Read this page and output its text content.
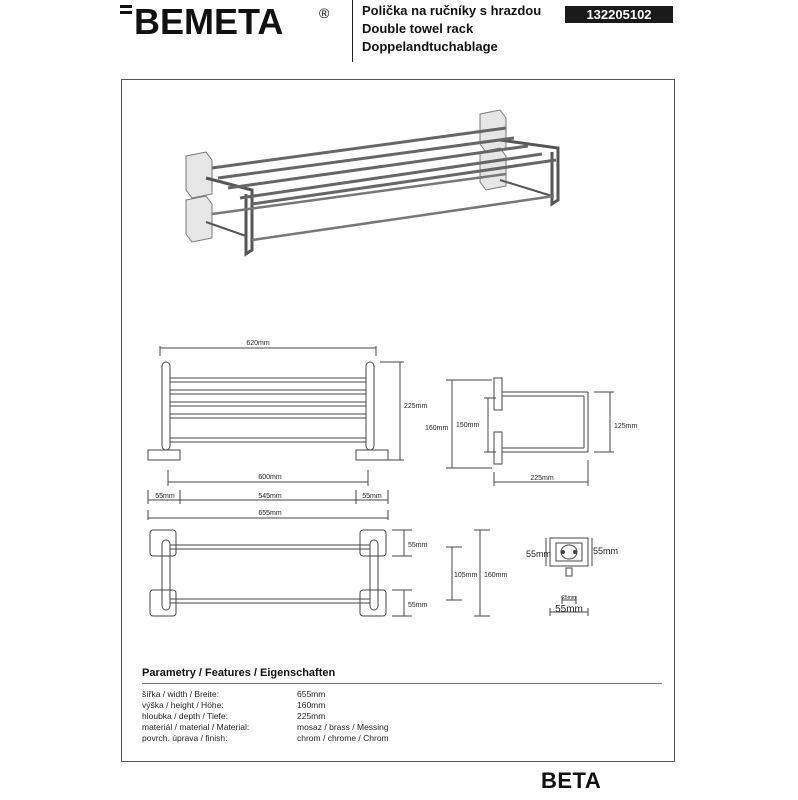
BEMETA	®	Polička na ručníky s hrazdou
Double towel rack
Doppelandtuchablage
132205102
620mm
225mm
600mm
55mm	545mm	55mm
655mm
160mm 150mm	125mm
225mm
55mm
105mm
55mm
160mm
55mm	55mm
25mm
55mm
Parametry / Features / Eigenschaften
šířka / width / Breite:	655mm
výška / height / Höhe:	160mm
hloubka / depth / Tiefe:	225mm
materiál / material / Material:	mosaz / brass / Messing
povrch. úprava / finish:	chrom / chrome / Chrom
BETA
